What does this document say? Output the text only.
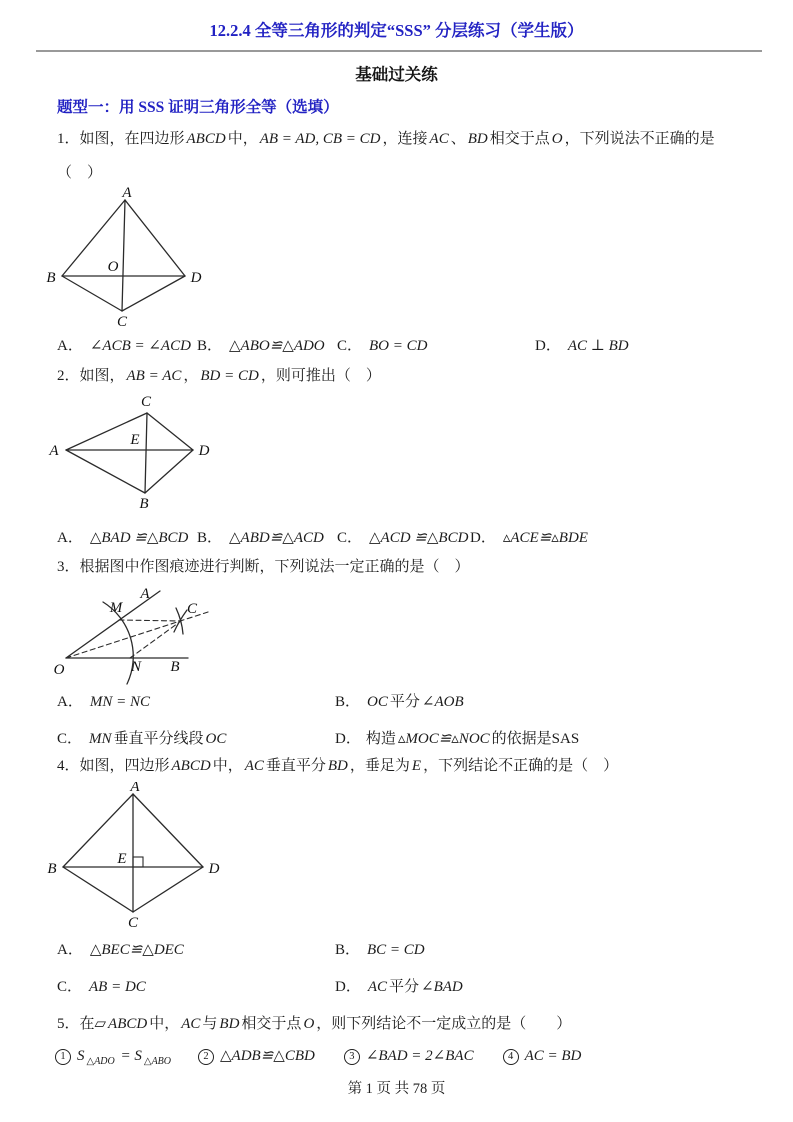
12.2.4 全等三角形的判定“SSS” 分层练习（学生版）
基础过关练
题型一：用 SSS 证明三角形全等（选填）
1．如图，在四边形 ABCD 中， AB = AD, CB = CD ，连接 AC 、 BD 相交于点 O ，下列说法不正确的是
（　）
A
B	D
C
O
A． ∠ACB = ∠ACD B． △ABO≌△ADO C． BO = CD	D． AC ⊥ BD
2．如图， AB = AC ， BD = CD ，则可推出（　）
C
A	D
B
E
A． △BAD ≌△BCD B． △ABD≌△ACD C． △ACD ≌△BCD D． ▵ACE≌▵BDE
3．根据图中作图痕迹进行判断，下列说法一定正确的是（　）
A
M	C
O	N B
A． MN = NC	B． OC 平分 ∠AOB
C． MN 垂直平分线段 OC	D． 构造 ▵MOC≌▵NOC 的依据是SAS
4．如图，四边形 ABCD 中， AC 垂直平分 BD ，垂足为 E ，下列结论不正确的是（　）
A
B	D
C
E
A． △BEC≌△DEC	B． BC = CD
C． AB = DC	D． AC 平分 ∠BAD
5．在▱ ABCD 中， AC 与 BD 相交于点 O ，则下列结论不一定成立的是（　　）
1 S $_{\triangle ADO}$ = S $_{\triangle ABO}$	2 △ADB≌△CBD	3 ∠BAD = 2∠BAC	4 AC = BD
第 1 页 共 78 页
